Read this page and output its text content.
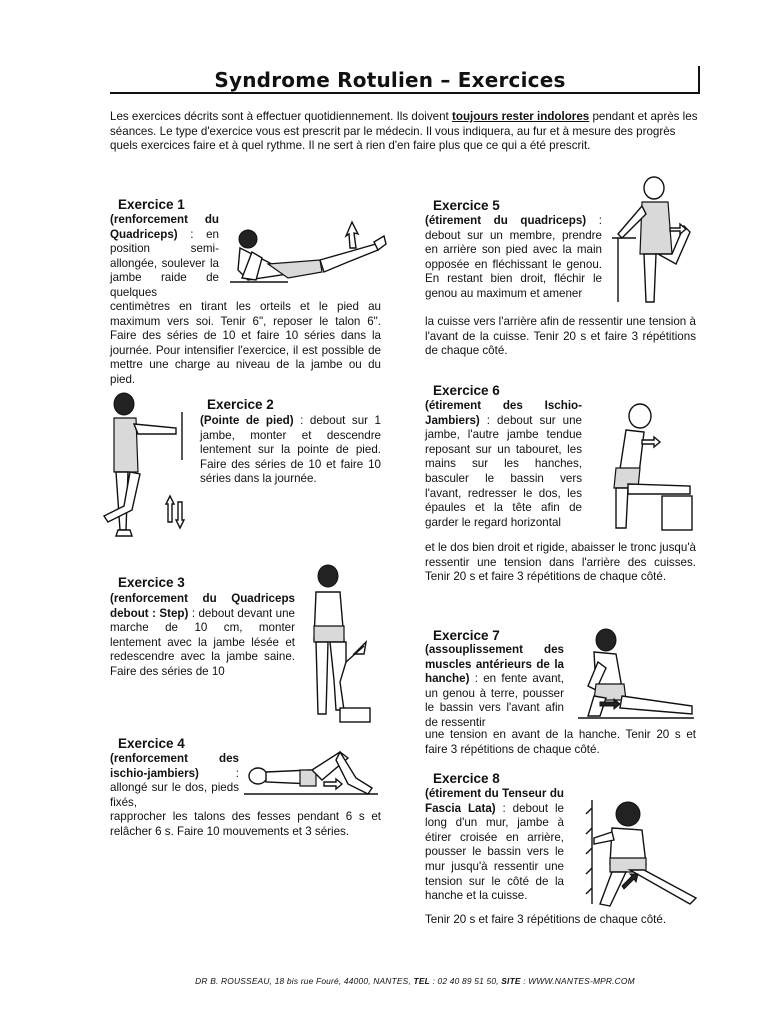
Syndrome Rotulien – Exercices
Les exercices décrits sont à effectuer quotidiennement. Ils doivent toujours rester indolores pendant et après les séances. Le type d'exercice vous est prescrit par le médecin. Il vous indiquera, au fur et à mesure des progrès quels exercices faire et à quel rythme. Il ne sert à rien d'en faire plus que ce qui a été prescrit.
Exercice 1
(renforcement du Quadriceps) : en position semi-allongée, soulever la jambe raide de quelques
centimètres en tirant les orteils et le pied au maximum vers soi. Tenir 6", reposer le talon 6". Faire des séries de 10 et faire 10 séries dans la journée. Pour intensifier l'exercice, il est possible de mettre une charge au niveau de la jambe ou du pied.
Exercice 2
(Pointe de pied) : debout sur 1 jambe, monter et descendre lentement sur la pointe de pied. Faire des séries de 10 et faire 10 séries dans la journée.
Exercice 3
(renforcement du Quadriceps debout : Step) : debout devant une marche de 10 cm, monter lentement avec la jambe lésée et redescendre avec la jambe saine. Faire des séries de 10
Exercice 4
(renforcement des ischio-jambiers) : allongé sur le dos, pieds fixés,
rapprocher les talons des fesses pendant 6 s et relâcher 6 s. Faire 10 mouvements et 3 séries.
Exercice 5
(étirement du quadriceps) : debout sur un membre, prendre en arrière son pied avec la main opposée en fléchissant le genou. En restant bien droit, fléchir le genou au maximum et amener
la cuisse vers l'arrière afin de ressentir une tension à l'avant de la cuisse. Tenir 20 s et faire 3 répétitions de chaque côté.
Exercice 6
(étirement des Ischio-Jambiers) : debout sur une jambe, l'autre jambe tendue reposant sur un tabouret, les mains sur les hanches, basculer le bassin vers l'avant, redresser le dos, les épaules et la tête afin de garder le regard horizontal
et le dos bien droit et rigide, abaisser le tronc jusqu'à ressentir une tension dans l'arrière des cuisses. Tenir 20 s et faire 3 répétitions de chaque côté.
Exercice 7
(assouplissement des muscles antérieurs de la hanche) : en fente avant, un genou à terre, pousser le bassin vers l'avant afin de ressentir
une tension en avant de la hanche. Tenir 20 s et faire 3 répétitions de chaque côté.
Exercice 8
(étirement du Tenseur du Fascia Lata) : debout le long d'un mur, jambe à étirer croisée en arrière, pousser le bassin vers le mur jusqu'à ressentir une tension sur le côté de la hanche et la cuisse.
Tenir 20 s et faire 3 répétitions de chaque côté.
DR B. ROUSSEAU, 18 bis rue Fouré, 44000, NANTES, TEL : 02 40 89 51 50, SITE : WWW.NANTES-MPR.COM
